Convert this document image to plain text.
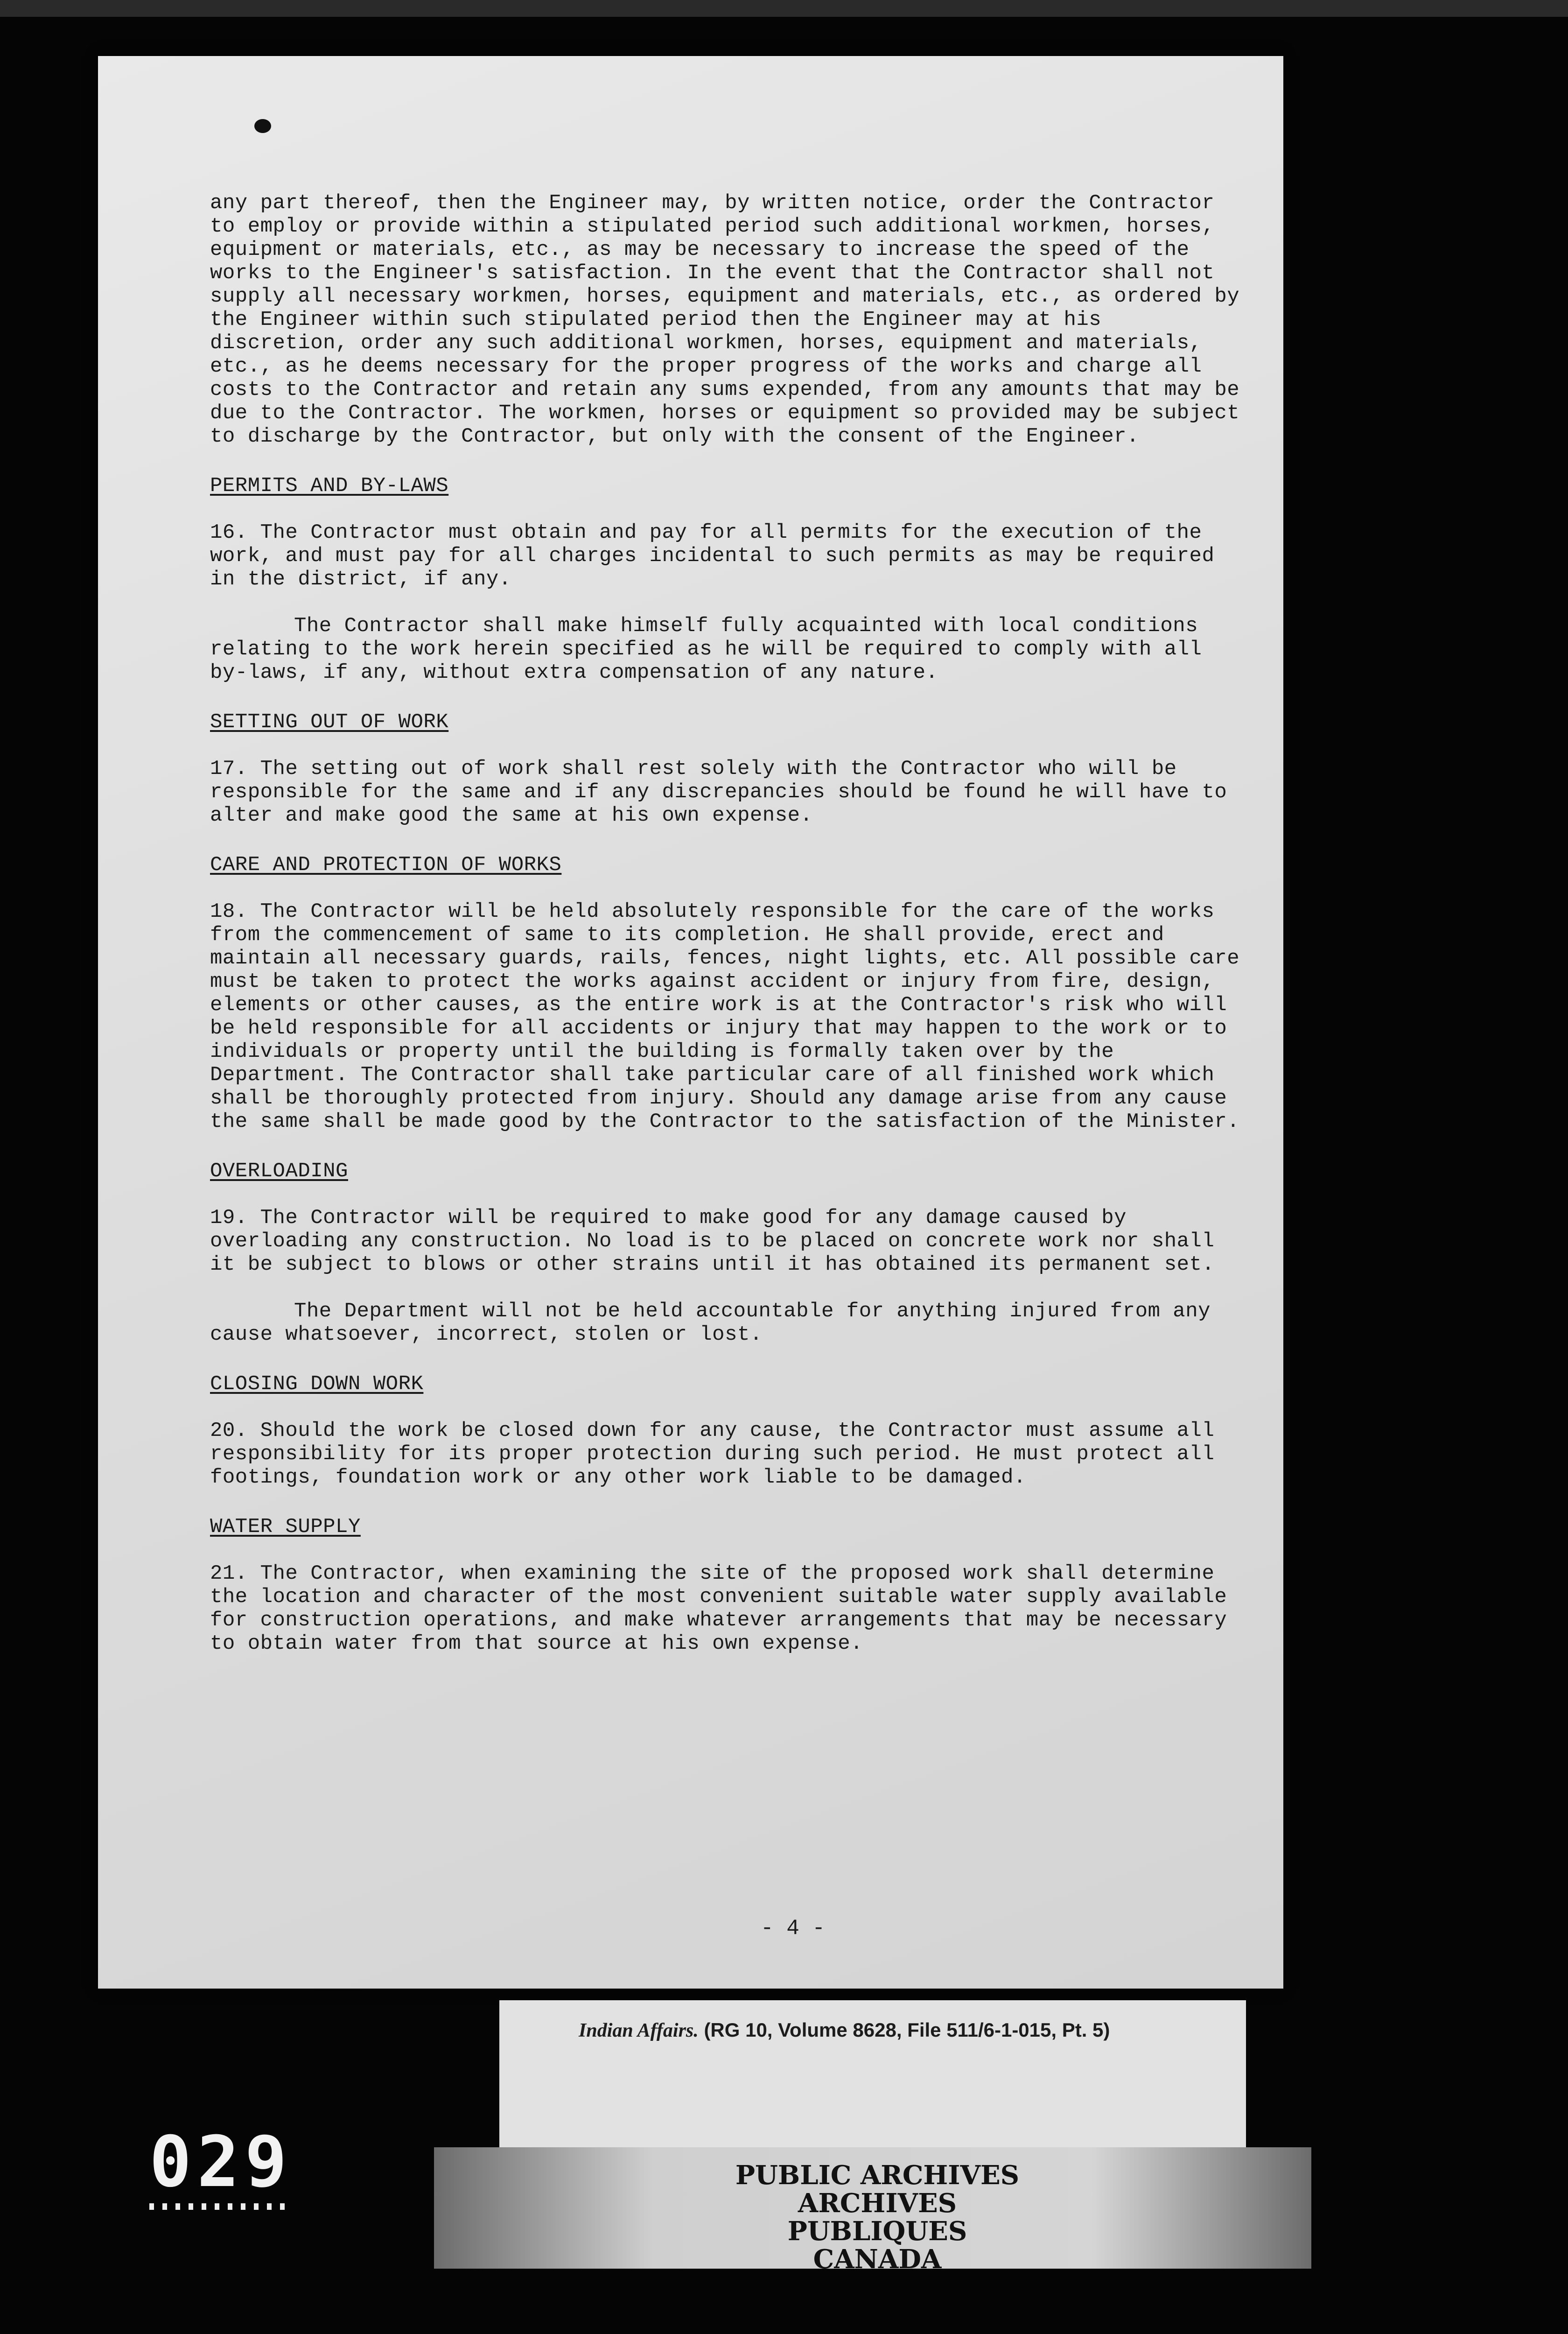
any part thereof, then the Engineer may, by written notice, order the Contractor to employ or provide within a stipulated period such additional workmen, horses, equipment or materials, etc., as may be necessary to increase the speed of the works to the Engineer's satisfaction. In the event that the Contractor shall not supply all necessary workmen, horses, equipment and materials, etc., as ordered by the Engineer within such stipulated period then the Engineer may at his discretion, order any such additional workmen, horses, equipment and materials, etc., as he deems necessary for the proper progress of the works and charge all costs to the Contractor and retain any sums expended, from any amounts that may be due to the Contractor. The workmen, horses or equipment so provided may be subject to discharge by the Contractor, but only with the consent of the Engineer.

PERMITS AND BY-LAWS

16. The Contractor must obtain and pay for all permits for the execution of the work, and must pay for all charges incidental to such permits as may be required in the district, if any.

The Contractor shall make himself fully acquainted with local conditions relating to the work herein specified as he will be required to comply with all by-laws, if any, without extra compensation of any nature.

SETTING OUT OF WORK

17. The setting out of work shall rest solely with the Contractor who will be responsible for the same and if any discrepancies should be found he will have to alter and make good the same at his own expense.

CARE AND PROTECTION OF WORKS

18. The Contractor will be held absolutely responsible for the care of the works from the commencement of same to its completion. He shall provide, erect and maintain all necessary guards, rails, fences, night lights, etc. All possible care must be taken to protect the works against accident or injury from fire, design, elements or other causes, as the entire work is at the Contractor's risk who will be held responsible for all accidents or injury that may happen to the work or to individuals or property until the building is formally taken over by the Department. The Contractor shall take particular care of all finished work which shall be thoroughly protected from injury. Should any damage arise from any cause the same shall be made good by the Contractor to the satisfaction of the Minister.

OVERLOADING

19. The Contractor will be required to make good for any damage caused by overloading any construction. No load is to be placed on concrete work nor shall it be subject to blows or other strains until it has obtained its permanent set.

The Department will not be held accountable for anything injured from any cause whatsoever, incorrect, stolen or lost.

CLOSING DOWN WORK

20. Should the work be closed down for any cause, the Contractor must assume all responsibility for its proper protection during such period. He must protect all footings, foundation work or any other work liable to be damaged.

WATER SUPPLY

21. The Contractor, when examining the site of the proposed work shall determine the location and character of the most convenient suitable water supply available for construction operations, and make whatever arrangements that may be necessary to obtain water from that source at his own expense.

- 4 -
Indian Affairs. (RG 10, Volume 8628, File 511/6-1-015, Pt. 5)
029	PUBLIC ARCHIVES
ARCHIVES PUBLIQUES
CANADA
